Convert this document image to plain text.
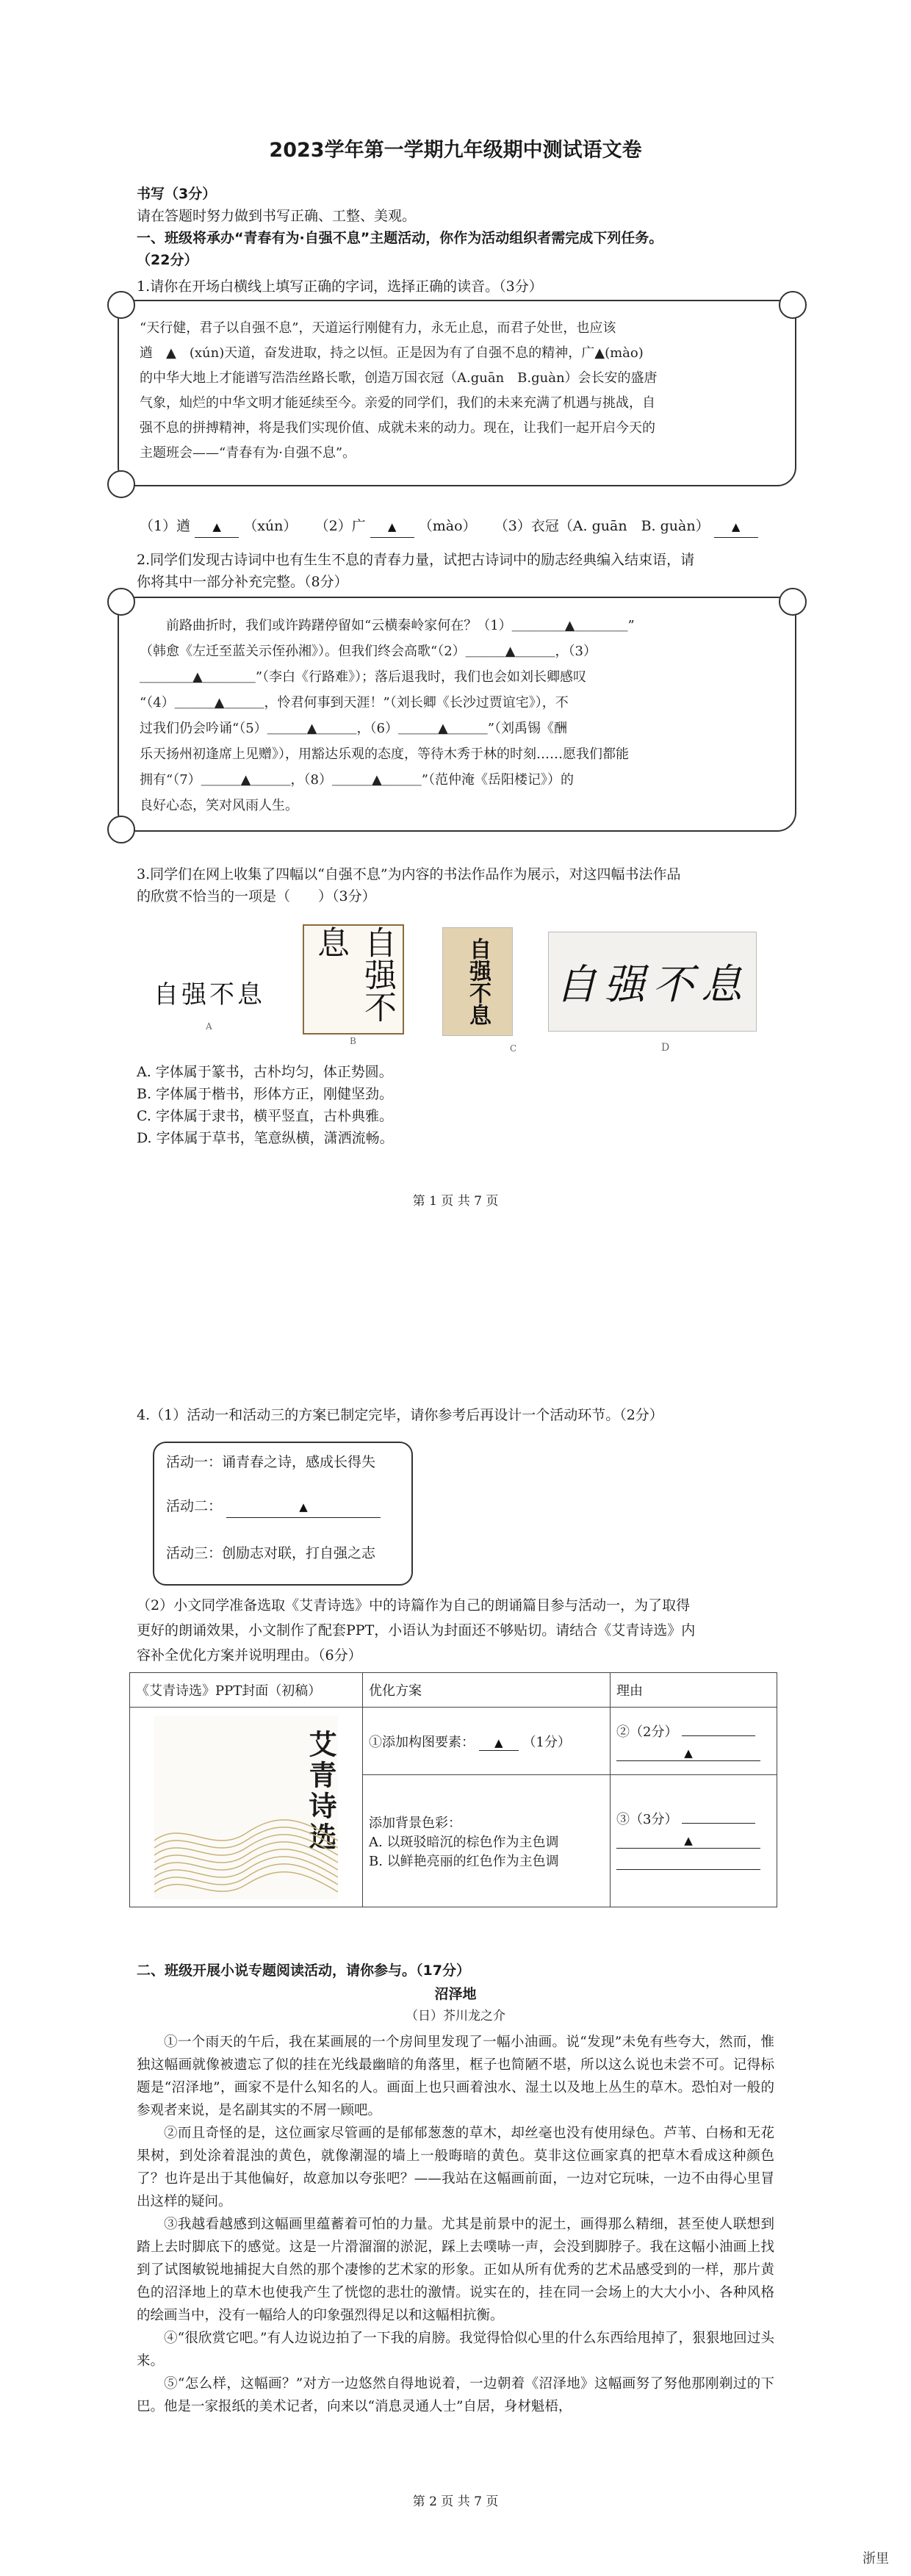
2023学年第一学期九年级期中测试语文卷
书写（3分）
请在答题时努力做到书写正确、工整、美观。
一、班级将承办“青春有为·自强不息”主题活动，你作为活动组织者需完成下列任务。
（22分）
1.请你在开场白横线上填写正确的字词，选择正确的读音。（3分）
“天行健，君子以自强不息”，天道运行刚健有力，永无止息，而君子处世，也应该
遒　▲　(xún)天道，奋发进取，持之以恒。正是因为有了自强不息的精神，广▲(mào)
的中华大地上才能谱写浩浩丝路长歌，创造万国衣冠（A.guān　B.guàn）会长安的盛唐
气象，灿烂的中华文明才能延续至今。亲爱的同学们，我们的未来充满了机遇与挑战，自
强不息的拼搏精神，将是我们实现价值、成就未来的动力。现在，让我们一起开启今天的
主题班会——“青春有为·自强不息”。
（1）遒 ▲ （xún） （2）广 ▲ （mào） （3）衣冠（A. guān　B. guàn） ▲
2.同学们发现古诗词中也有生生不息的青春力量，试把古诗词中的励志经典编入结束语，请
你将其中一部分补充完整。（8分）
前路曲折时，我们或许踌躇停留如“云横秦岭家何在？（1）＿＿＿＿▲＿＿＿＿”
（韩愈《左迁至蓝关示侄孙湘》）。但我们终会高歌“（2）＿＿＿▲＿＿＿，（3）
＿＿＿＿▲＿＿＿＿”（李白《行路难》）；落后退我时，我们也会如刘长卿感叹
“（4）＿＿＿▲＿＿＿，怜君何事到天涯！”（刘长卿《长沙过贾谊宅》），不
过我们仍会吟诵“（5）＿＿＿▲＿＿＿，（6）＿＿＿▲＿＿＿”（刘禹锡《酬
乐天扬州初逢席上见赠》），用豁达乐观的态度，等待木秀于林的时刻……愿我们都能
拥有“（7）＿＿＿▲＿＿＿，（8）＿＿＿▲＿＿＿”（范仲淹《岳阳楼记》）的
良好心态，笑对风雨人生。
3.同学们在网上收集了四幅以“自强不息”为内容的书法作品作为展示，对这四幅书法作品
的欣赏不恰当的一项是（　　）（3分）
自强不息
A
自强不息
B
自强不息
C
自强不息
D
A. 字体属于篆书，古朴均匀，体正势圆。
B. 字体属于楷书，形体方正，刚健坚劲。
C. 字体属于隶书，横平竖直，古朴典雅。
D. 字体属于草书，笔意纵横，潇洒流畅。
第 1 页 共 7 页
4.（1）活动一和活动三的方案已制定完毕，请你参考后再设计一个活动环节。（2分）
活动一：诵青春之诗，感成长得失
活动二：	▲
活动三：创励志对联，打自强之志
（2）小文同学准备选取《艾青诗选》中的诗篇作为自己的朗诵篇目参与活动一，为了取得
更好的朗诵效果，小文制作了配套PPT，小语认为封面还不够贴切。请结合《艾青诗选》内
容补全优化方案并说明理由。（6分）
《艾青诗选》PPT封面（初稿）	优化方案	理由

艾青诗选	①添加构图要素： ▲ （1分）	②（2分）  ▲

	添加背景色彩：
A. 以斑驳暗沉的棕色作为主色调
B. 以鲜艳亮丽的红色作为主色调	③（3分）  ▲
二、班级开展小说专题阅读活动，请你参与。（17分）
沼泽地
（日）芥川龙之介

①一个雨天的午后，我在某画展的一个房间里发现了一幅小油画。说“发现”未免有些夸大，然而，惟独这幅画就像被遗忘了似的挂在光线最幽暗的角落里，框子也简陋不堪，所以这么说也未尝不可。记得标题是“沼泽地”，画家不是什么知名的人。画面上也只画着浊水、湿土以及地上丛生的草木。恐怕对一般的参观者来说，是名副其实的不屑一顾吧。

②而且奇怪的是，这位画家尽管画的是郁郁葱葱的草木，却丝毫也没有使用绿色。芦苇、白杨和无花果树，到处涂着混浊的黄色，就像潮湿的墙上一般晦暗的黄色。莫非这位画家真的把草木看成这种颜色了？也许是出于其他偏好，故意加以夸张吧？——我站在这幅画前面，一边对它玩味，一边不由得心里冒出这样的疑问。

③我越看越感到这幅画里蕴蓄着可怕的力量。尤其是前景中的泥土，画得那么精细，甚至使人联想到踏上去时脚底下的感觉。这是一片滑溜溜的淤泥，踩上去噗哧一声，会没到脚脖子。我在这幅小油画上找到了试图敏锐地捕捉大自然的那个凄惨的艺术家的形象。正如从所有优秀的艺术品感受到的一样，那片黄色的沼泽地上的草木也使我产生了恍惚的悲壮的激情。说实在的，挂在同一会场上的大大小小、各种风格的绘画当中，没有一幅给人的印象强烈得足以和这幅相抗衡。

④“很欣赏它吧。”有人边说边拍了一下我的肩膀。我觉得恰似心里的什么东西给甩掉了，狠狠地回过头来。

⑤“怎么样，这幅画？”对方一边悠然自得地说着，一边朝着《沼泽地》这幅画努了努他那刚剃过的下巴。他是一家报纸的美术记者，向来以“消息灵通人士”自居，身材魁梧，

第 2 页 共 7 页
浙里
